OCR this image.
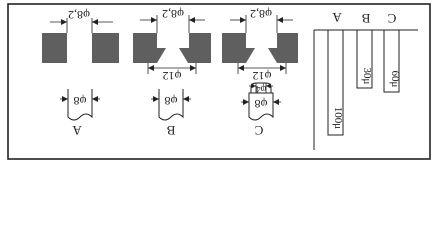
φ8,2	φ8,2
φ12
φ8,2
φ12
φ8
A
φ8
B
φ4
φ8
C
A B C
100μ
30μ 60μ
